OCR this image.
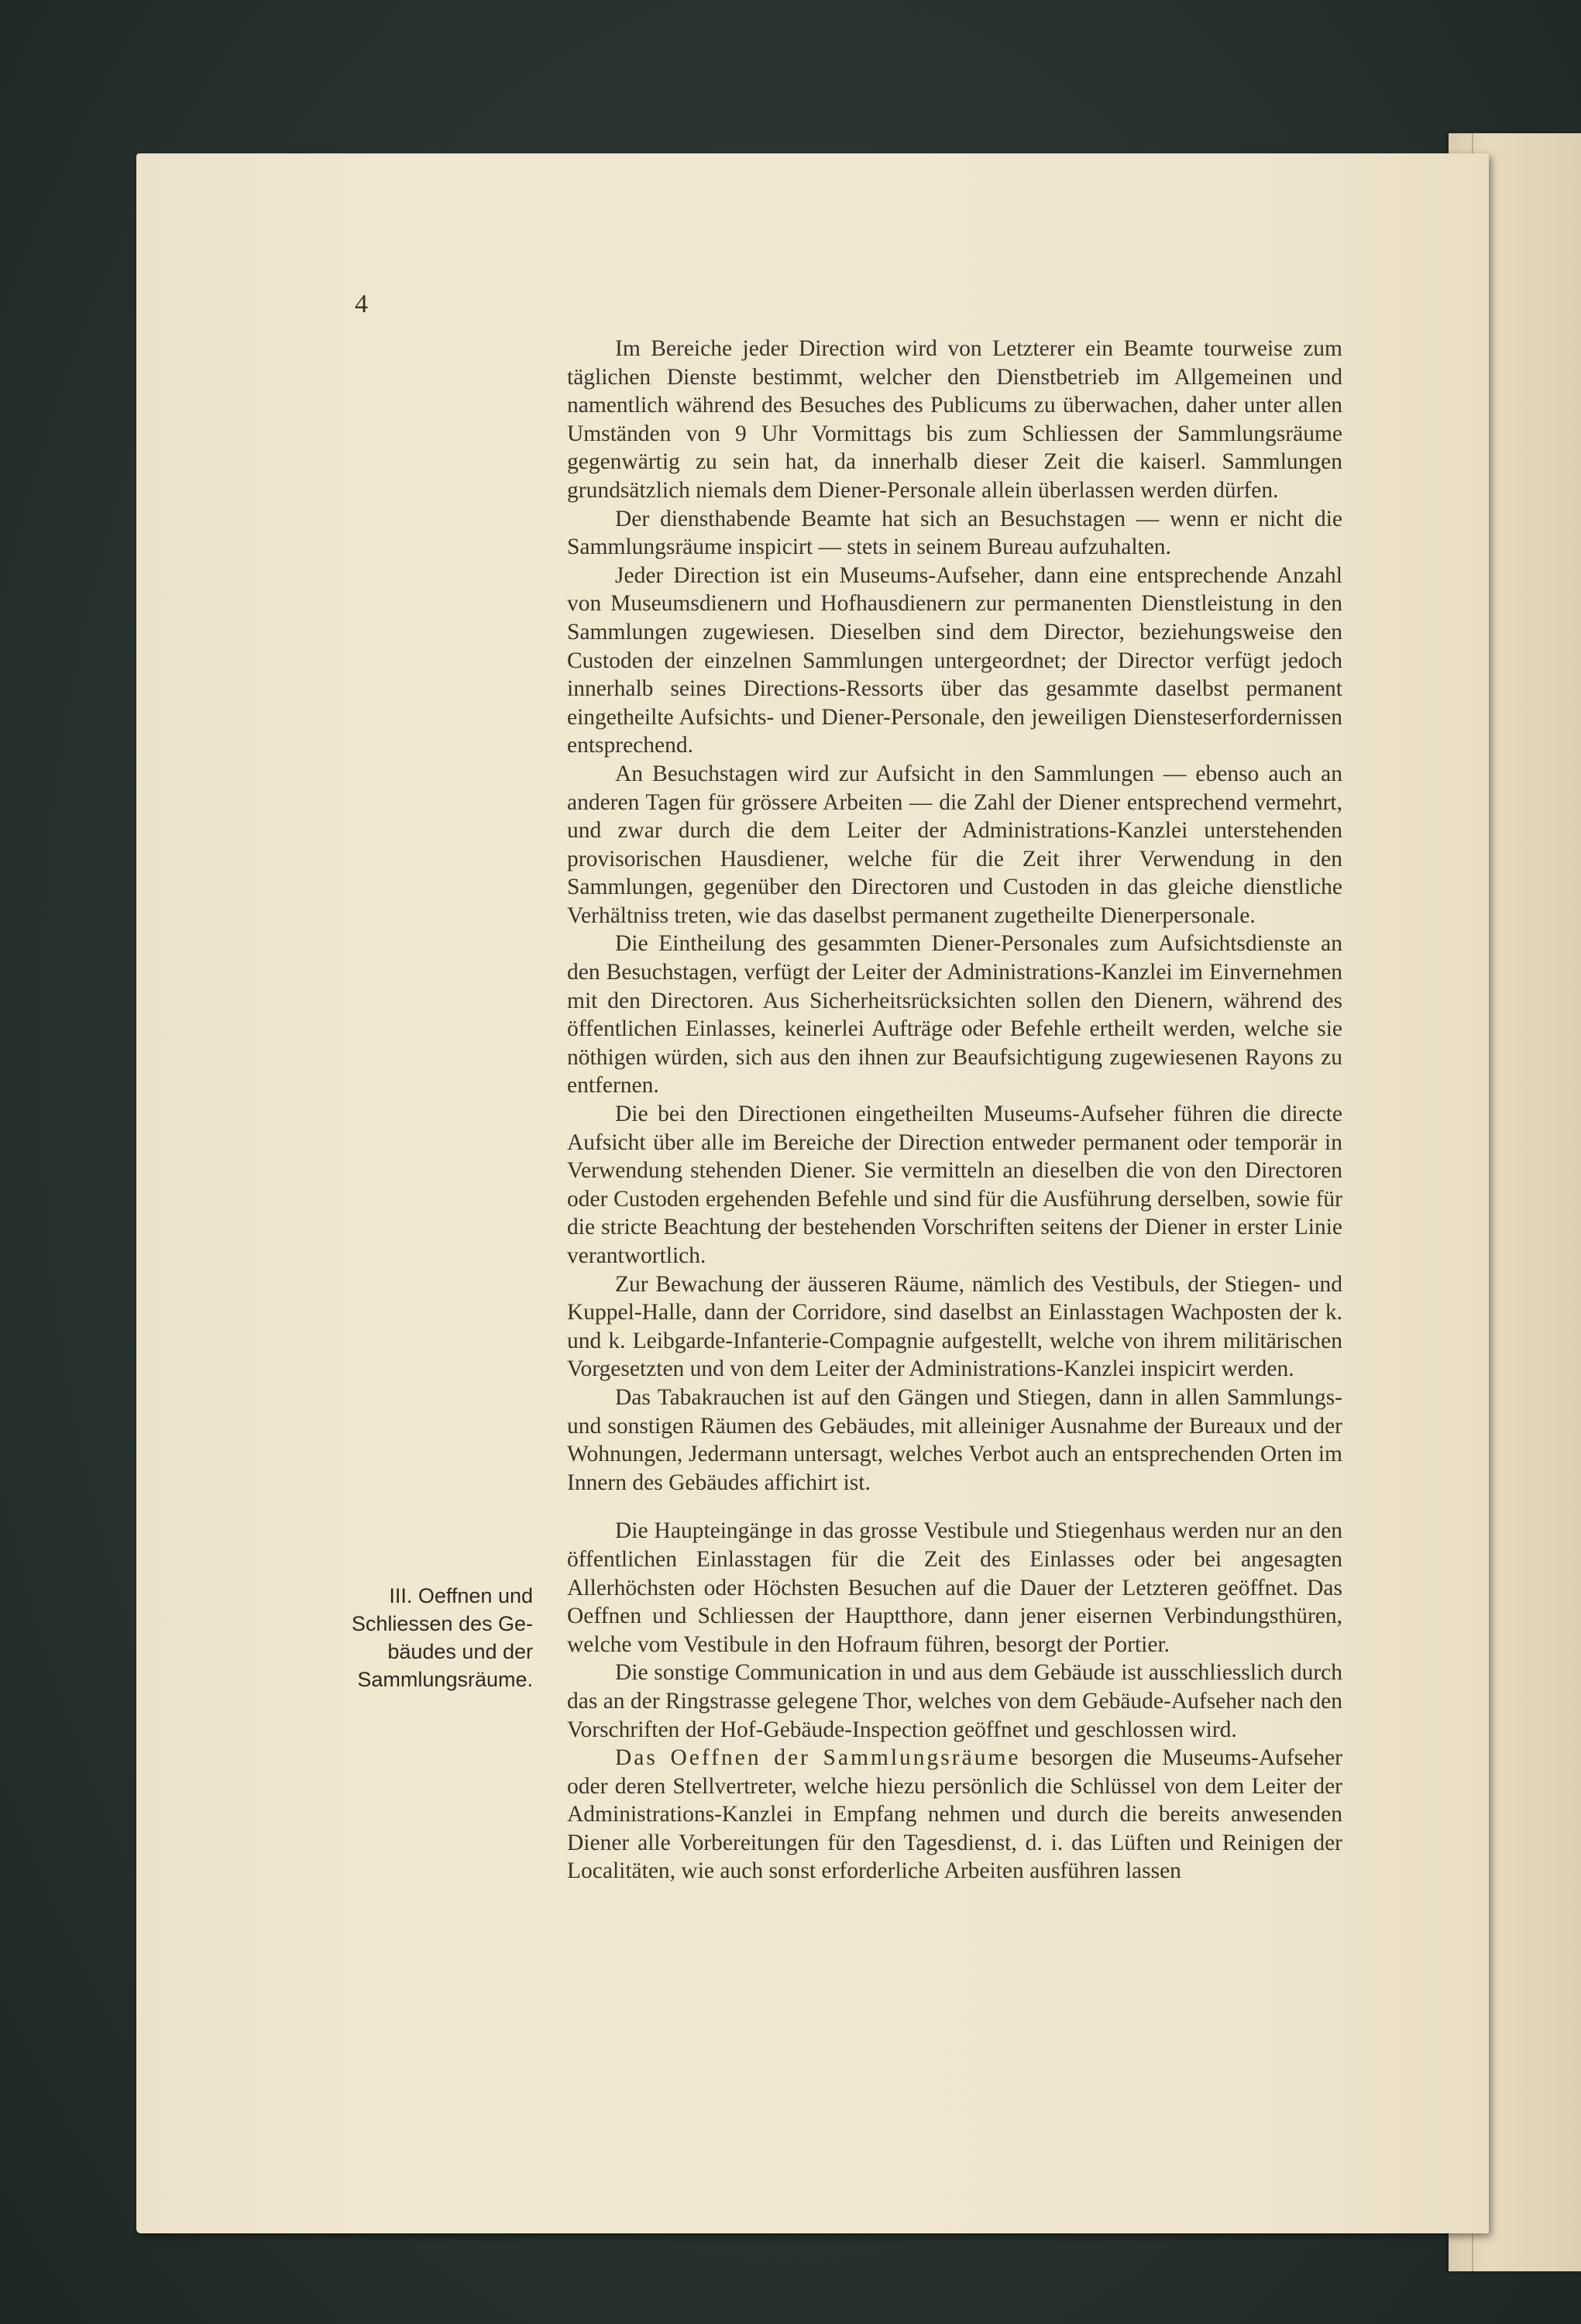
4
III. Oeffnen und
Schliessen des Ge-
bäudes und der
Sammlungsräume.

Im Bereiche jeder Direction wird von Letzterer ein Beamte tourweise zum täglichen Dienste bestimmt, welcher den Dienstbetrieb im Allgemeinen und namentlich während des Besuches des Publicums zu überwachen, daher unter allen Umständen von 9 Uhr Vormittags bis zum Schliessen der Sammlungsräume gegenwärtig zu sein hat, da innerhalb dieser Zeit die kaiserl. Sammlungen grundsätzlich niemals dem Diener-Personale allein überlassen werden dürfen.

Der diensthabende Beamte hat sich an Besuchstagen — wenn er nicht die Sammlungsräume inspicirt — stets in seinem Bureau aufzuhalten.

Jeder Direction ist ein Museums-Aufseher, dann eine entsprechende Anzahl von Museumsdienern und Hofhausdienern zur permanenten Dienstleistung in den Sammlungen zugewiesen. Dieselben sind dem Director, beziehungsweise den Custoden der einzelnen Sammlungen untergeordnet; der Director verfügt jedoch innerhalb seines Directions-Ressorts über das gesammte daselbst permanent eingetheilte Aufsichts- und Diener-Personale, den jeweiligen Diensteserfordernissen entsprechend.

An Besuchstagen wird zur Aufsicht in den Sammlungen — ebenso auch an anderen Tagen für grössere Arbeiten — die Zahl der Diener entsprechend vermehrt, und zwar durch die dem Leiter der Administrations-Kanzlei unterstehenden provisorischen Hausdiener, welche für die Zeit ihrer Verwendung in den Sammlungen, gegenüber den Directoren und Custoden in das gleiche dienstliche Verhältniss treten, wie das daselbst permanent zugetheilte Dienerpersonale.

Die Eintheilung des gesammten Diener-Personales zum Aufsichtsdienste an den Besuchstagen, verfügt der Leiter der Administrations-Kanzlei im Einvernehmen mit den Directoren. Aus Sicherheitsrücksichten sollen den Dienern, während des öffentlichen Einlasses, keinerlei Aufträge oder Befehle ertheilt werden, welche sie nöthigen würden, sich aus den ihnen zur Beaufsichtigung zugewiesenen Rayons zu entfernen.

Die bei den Directionen eingetheilten Museums-Aufseher führen die directe Aufsicht über alle im Bereiche der Direction entweder permanent oder temporär in Verwendung stehenden Diener. Sie vermitteln an dieselben die von den Directoren oder Custoden ergehenden Befehle und sind für die Ausführung derselben, sowie für die stricte Beachtung der bestehenden Vorschriften seitens der Diener in erster Linie verantwortlich.

Zur Bewachung der äusseren Räume, nämlich des Vestibuls, der Stiegen- und Kuppel-Halle, dann der Corridore, sind daselbst an Einlasstagen Wachposten der k. und k. Leibgarde-Infanterie-Compagnie aufgestellt, welche von ihrem militärischen Vorgesetzten und von dem Leiter der Administrations-Kanzlei inspicirt werden.

Das Tabakrauchen ist auf den Gängen und Stiegen, dann in allen Sammlungs- und sonstigen Räumen des Gebäudes, mit alleiniger Ausnahme der Bureaux und der Wohnungen, Jedermann untersagt, welches Verbot auch an entsprechenden Orten im Innern des Gebäudes affichirt ist.

Die Haupteingänge in das grosse Vestibule und Stiegenhaus werden nur an den öffentlichen Einlasstagen für die Zeit des Einlasses oder bei angesagten Allerhöchsten oder Höchsten Besuchen auf die Dauer der Letzteren geöffnet. Das Oeffnen und Schliessen der Hauptthore, dann jener eisernen Verbindungsthüren, welche vom Vestibule in den Hofraum führen, besorgt der Portier.

Die sonstige Communication in und aus dem Gebäude ist ausschliesslich durch das an der Ringstrasse gelegene Thor, welches von dem Gebäude-Aufseher nach den Vorschriften der Hof-Gebäude-Inspection geöffnet und geschlossen wird.

Das Oeffnen der Sammlungsräume besorgen die Museums-Aufseher oder deren Stellvertreter, welche hiezu persönlich die Schlüssel von dem Leiter der Administrations-Kanzlei in Empfang nehmen und durch die bereits anwesenden Diener alle Vorbereitungen für den Tagesdienst, d. i. das Lüften und Reinigen der Localitäten, wie auch sonst erforderliche Arbeiten ausführen lassen
